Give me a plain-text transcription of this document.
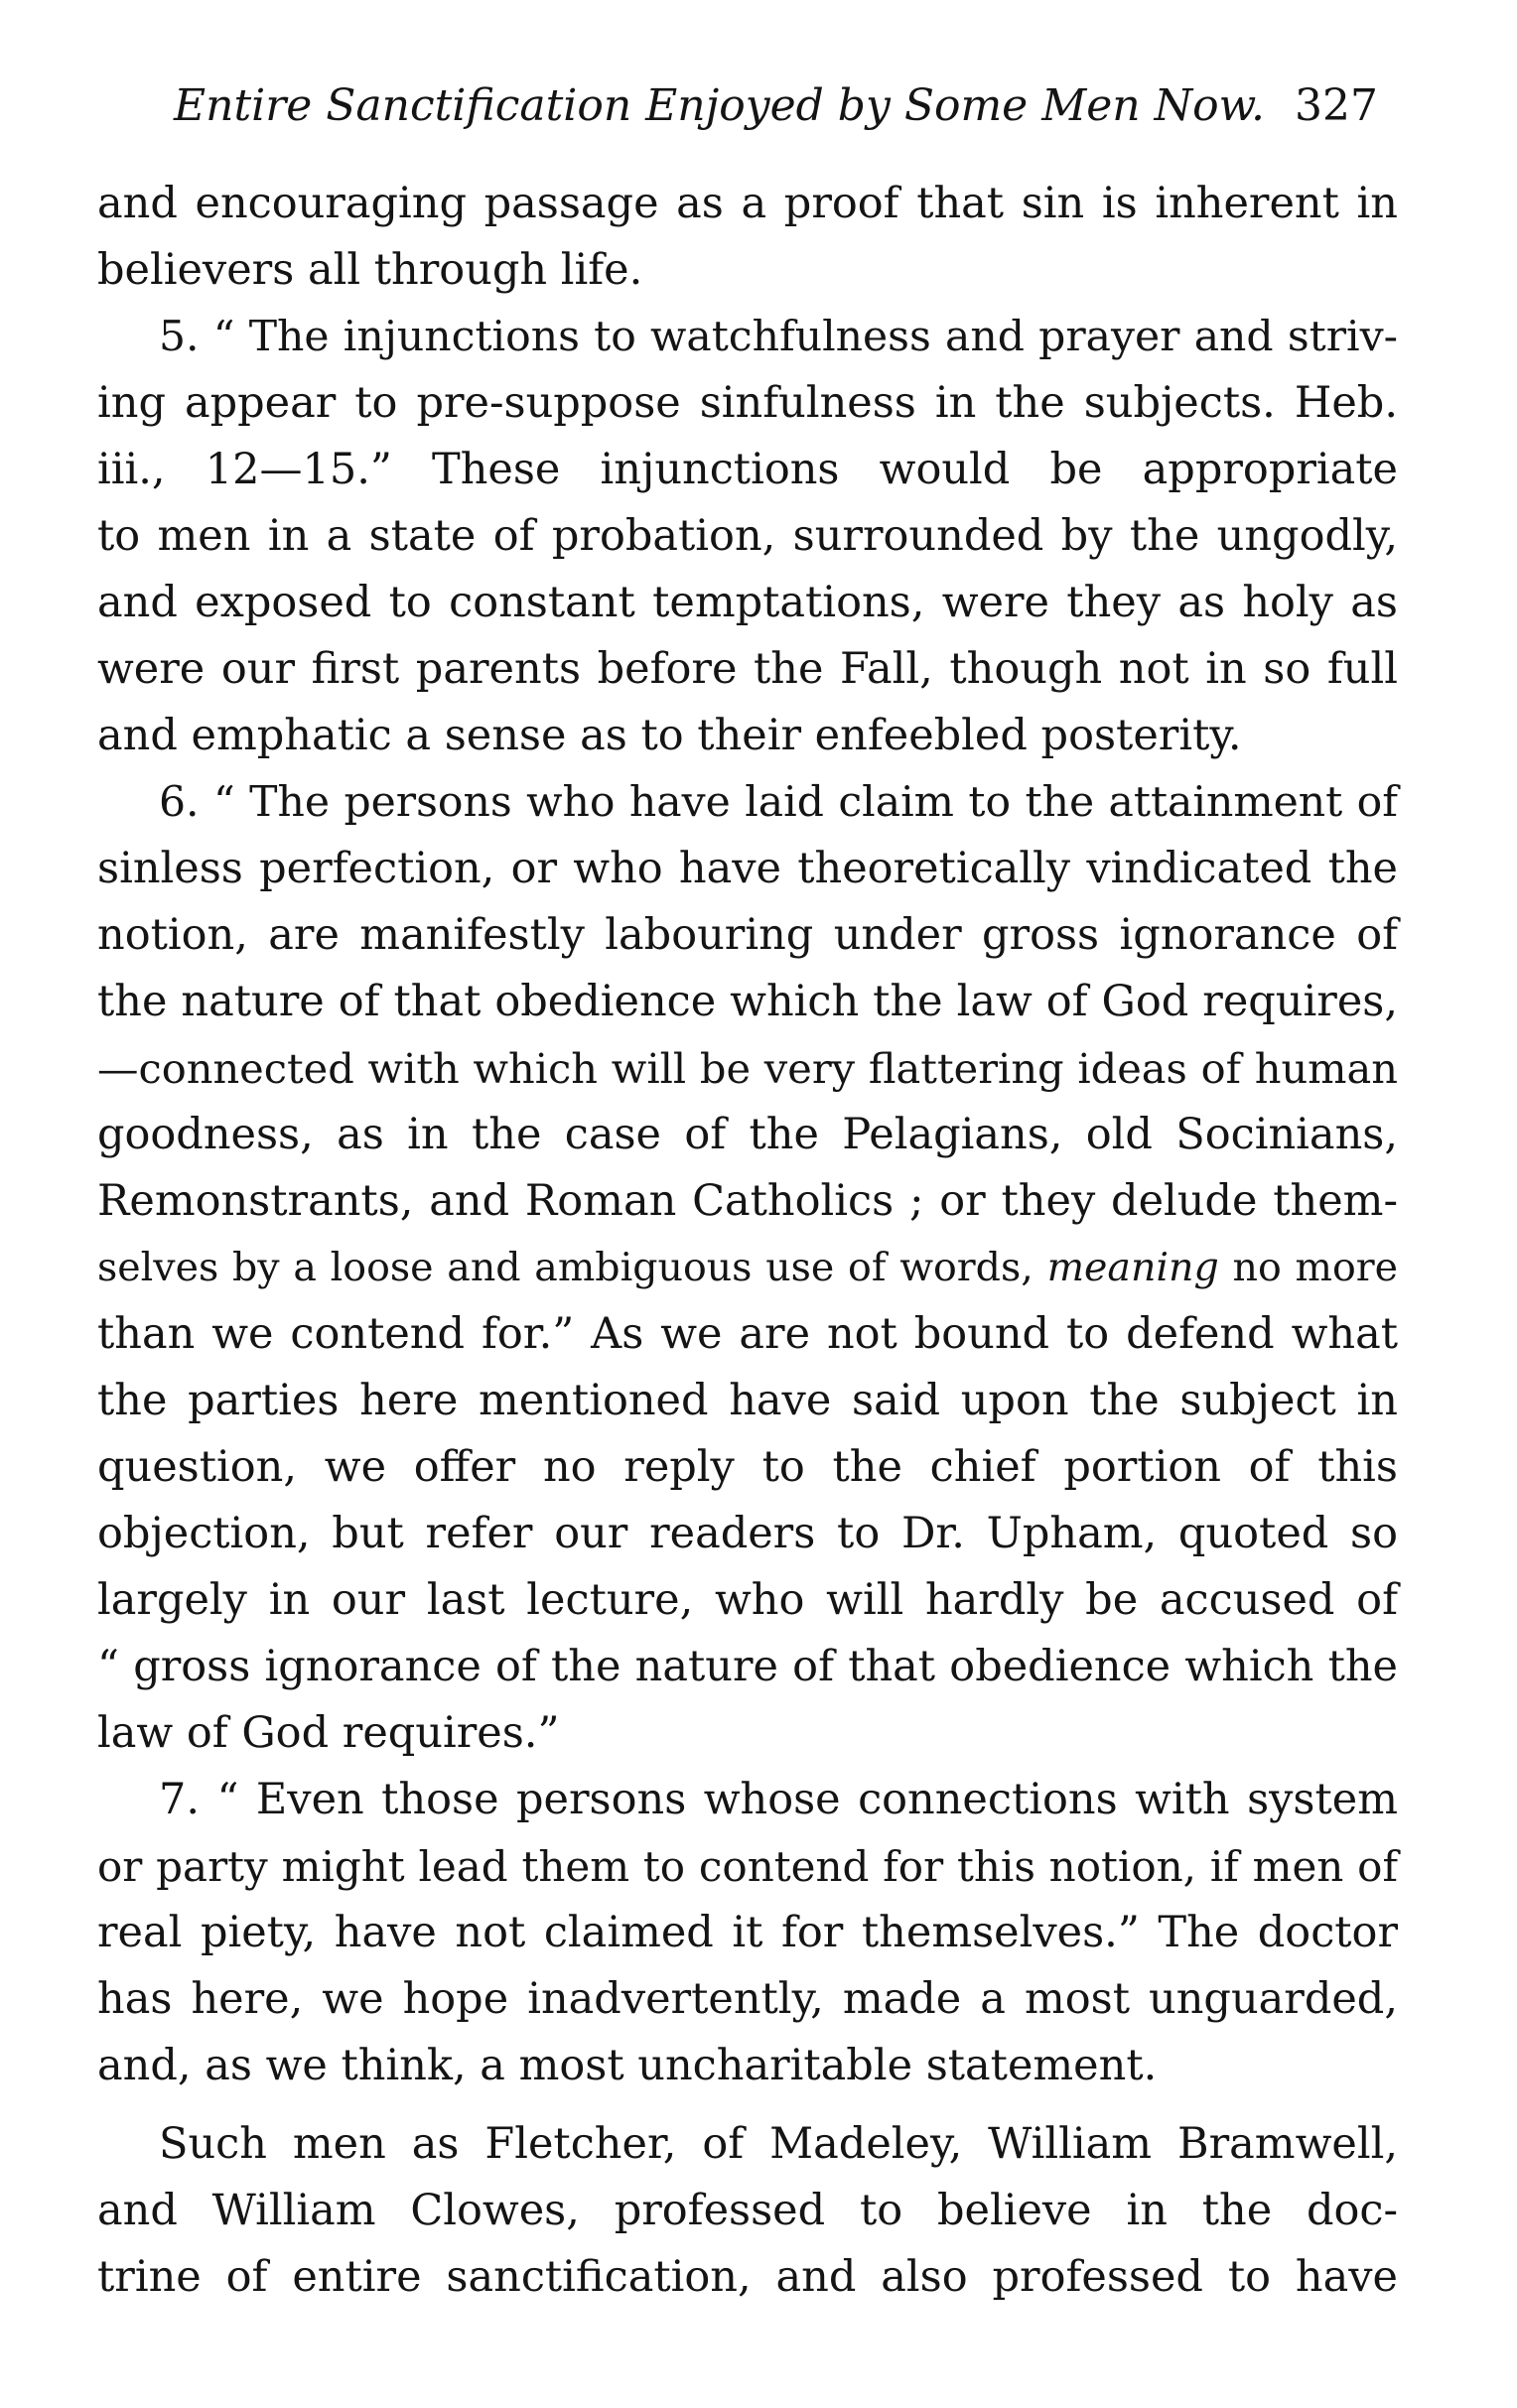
Entire Sanctification Enjoyed by Some Men Now. 327
and encouraging passage as a proof that sin is inherent in
believers all through life.
5. “ The injunctions to watchfulness and prayer and striv-
ing appear to pre-suppose sinfulness in the subjects. Heb.
iii., 12—15.” These injunctions would be appropriate
to men in a state of probation, surrounded by the ungodly,
and exposed to constant temptations, were they as holy as
were our first parents before the Fall, though not in so full
and emphatic a sense as to their enfeebled posterity.
6. “ The persons who have laid claim to the attainment of
sinless perfection, or who have theoretically vindicated the
notion, are manifestly labouring under gross ignorance of
the nature of that obedience which the law of God requires,
—connected with which will be very flattering ideas of human
goodness, as in the case of the Pelagians, old Socinians,
Remonstrants, and Roman Catholics ; or they delude them-
selves by a loose and ambiguous use of words, meaning no more
than we contend for.” As we are not bound to defend what
the parties here mentioned have said upon the subject in
question, we offer no reply to the chief portion of this
objection, but refer our readers to Dr. Upham, quoted so
largely in our last lecture, who will hardly be accused of
“ gross ignorance of the nature of that obedience which the
law of God requires.”
7. “ Even those persons whose connections with system
or party might lead them to contend for this notion, if men of
real piety, have not claimed it for themselves.” The doctor
has here, we hope inadvertently, made a most unguarded,
and, as we think, a most uncharitable statement.
Such men as Fletcher, of Madeley, William Bramwell,
and William Clowes, professed to believe in the doc-
trine of entire sanctification, and also professed to have
